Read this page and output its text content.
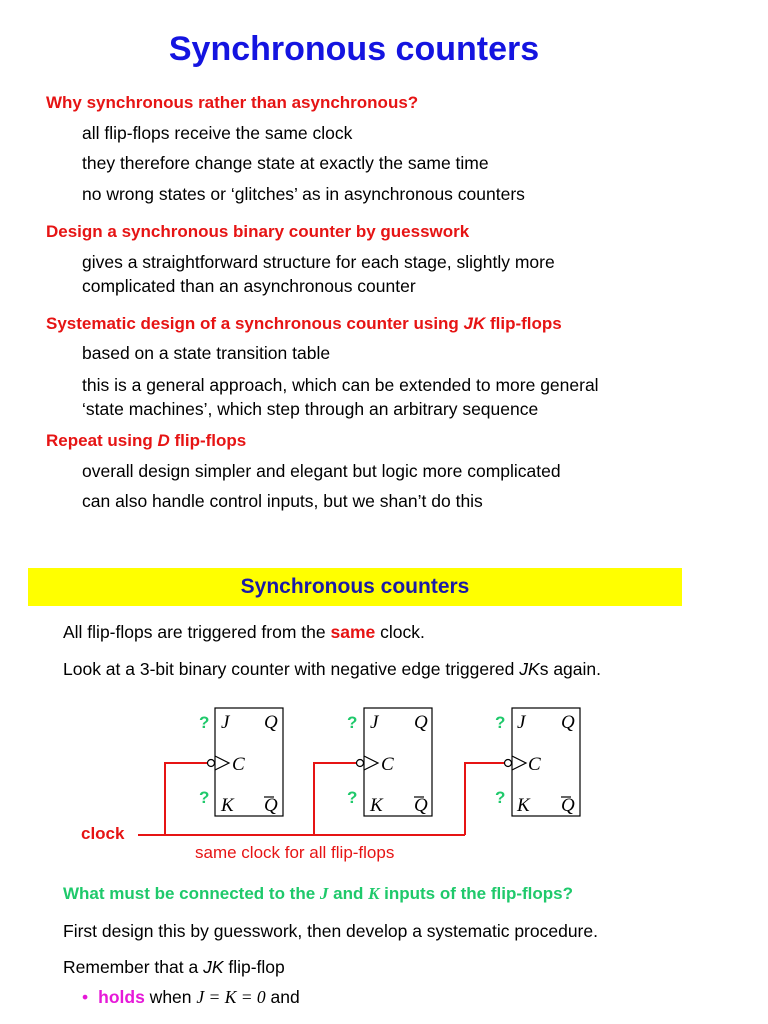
Synchronous counters
Why synchronous rather than asynchronous?
all flip-flops receive the same clock
they therefore change state at exactly the same time
no wrong states or ‘glitches’ as in asynchronous counters
Design a synchronous binary counter by guesswork
gives a straightforward structure for each stage, slightly more
complicated than an asynchronous counter
Systematic design of a synchronous counter using JK flip-flops
based on a state transition table
this is a general approach, which can be extended to more general
‘state machines’, which step through an arbitrary sequence
Repeat using D flip-flops
overall design simpler and elegant but logic more complicated
can also handle control inputs, but we shan’t do this
Synchronous counters
All flip-flops are triggered from the same clock.
Look at a 3-bit binary counter with negative edge triggered JKs again.
?
?
?
?
?
?
J
C
K
Q
Q
J
C
K
Q
Q
J
C
K
Q
Q
clock
same clock for all flip-flops
What must be connected to the J and K inputs of the flip-flops?
First design this by guesswork, then develop a systematic procedure.
Remember that a JK flip-flop
• holds when J = K = 0 and
